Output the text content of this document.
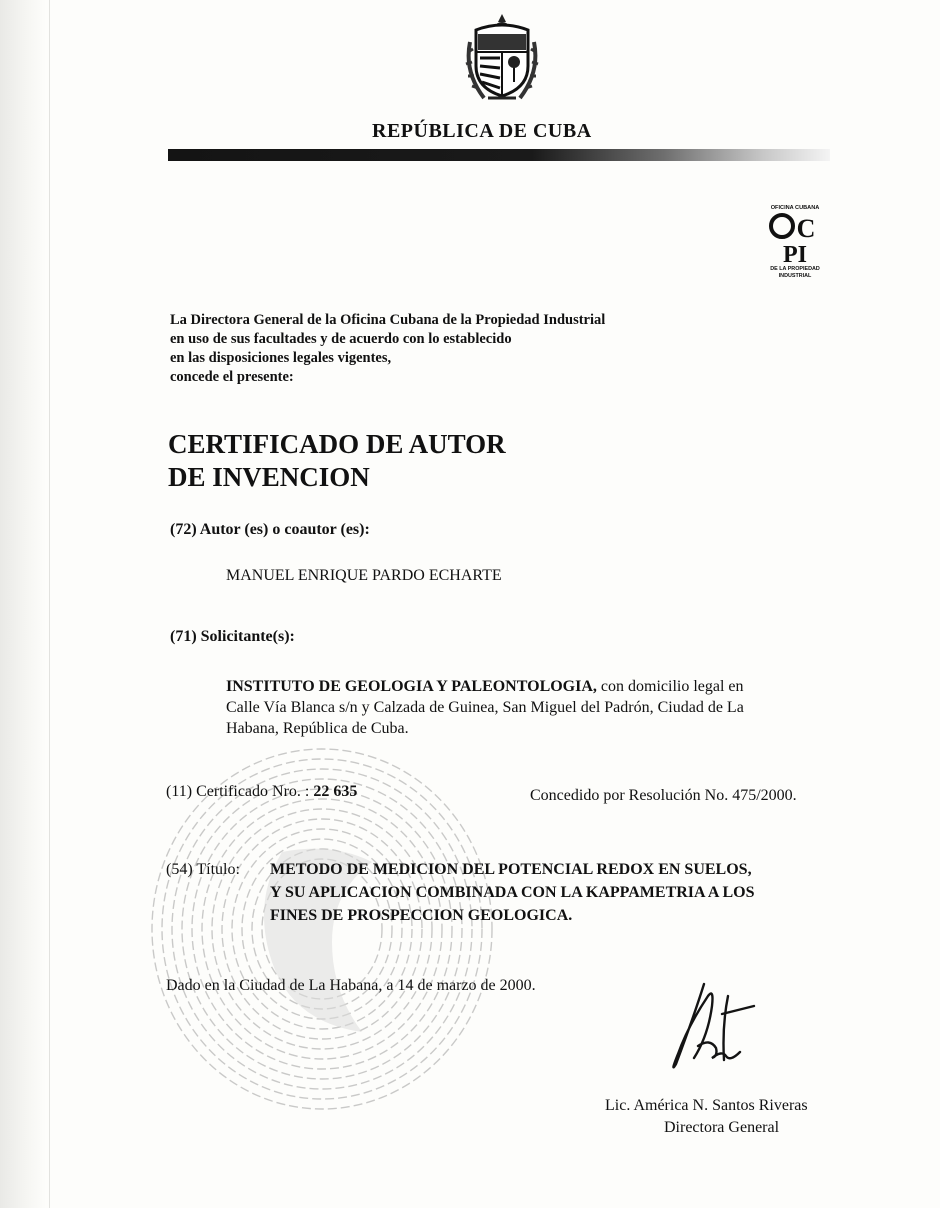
REPÚBLICA DE CUBA
OFICINA CUBANA
C
PI
DE LA PROPIEDAD
INDUSTRIAL
La Directora General de la Oficina Cubana de la Propiedad Industrial
en uso de sus facultades y de acuerdo con lo establecido
en las disposiciones legales vigentes,
concede el presente:
CERTIFICADO DE AUTOR
DE INVENCION
(72) Autor (es) o coautor (es):
MANUEL ENRIQUE PARDO ECHARTE
(71) Solicitante(s):
INSTITUTO DE GEOLOGIA Y PALEONTOLOGIA, con domicilio legal en
Calle Vía Blanca s/n y Calzada de Guinea, San Miguel del Padrón, Ciudad de La
Habana, República de Cuba.
(11) Certificado Nro. : 22 635	Concedido por Resolución No. 475/2000.
(54) Título: METODO DE MEDICION DEL POTENCIAL REDOX EN SUELOS,
Y SU APLICACION COMBINADA CON LA KAPPAMETRIA A LOS
FINES DE PROSPECCION GEOLOGICA.
Dado en la Ciudad de La Habana, a 14 de marzo de 2000.
Lic. América N. Santos Riveras
Directora General
